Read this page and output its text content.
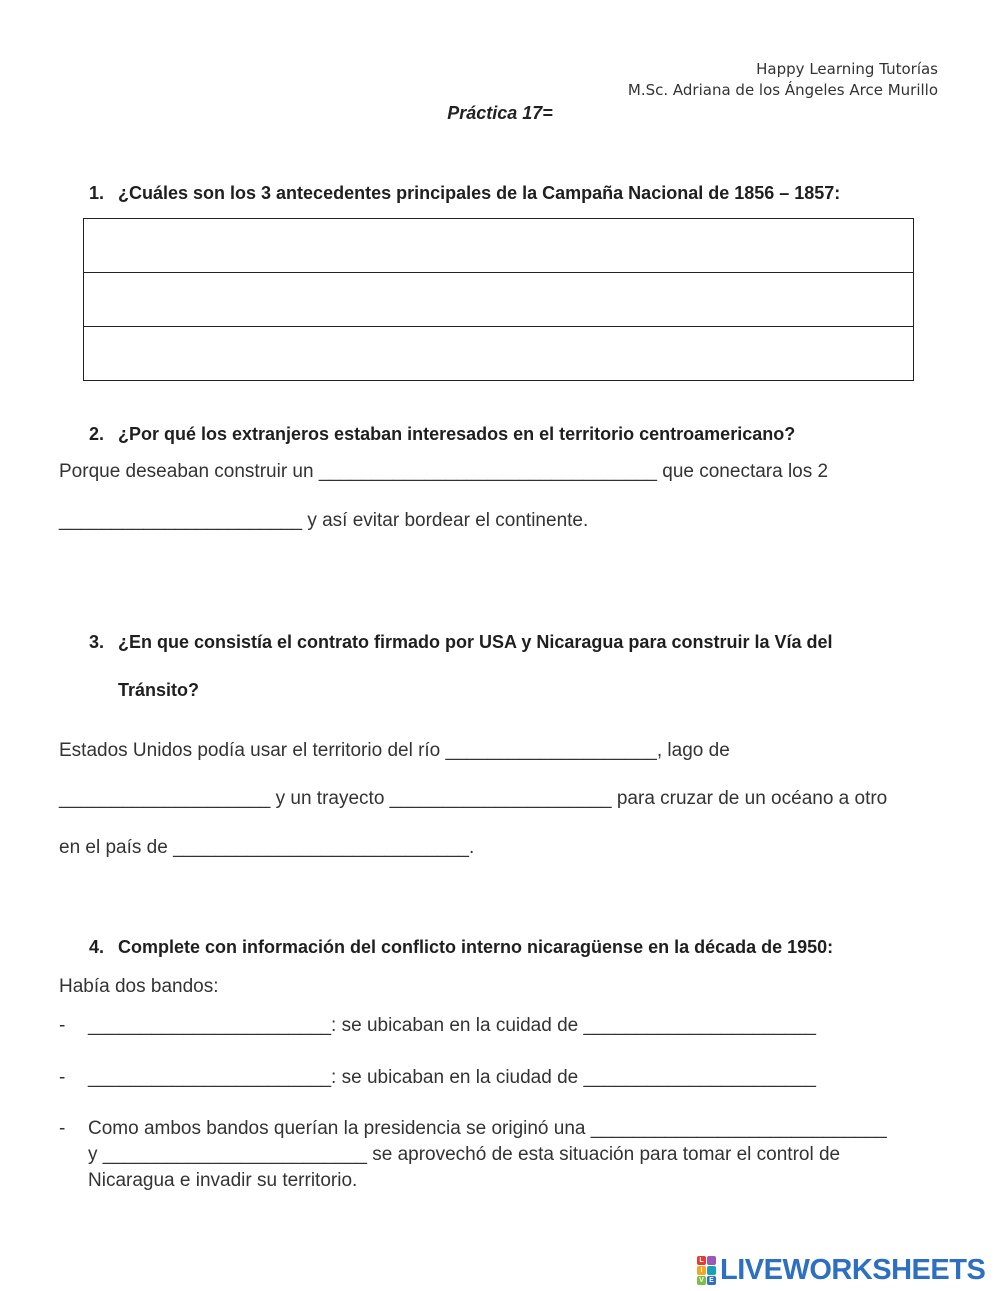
Happy Learning Tutorías
M.Sc. Adriana de los Ángeles Arce Murillo
Práctica 17=
1. ¿Cuáles son los 3 antecedentes principales de la Campaña Nacional de 1856 – 1857:
2. ¿Por qué los extranjeros estaban interesados en el territorio centroamericano?
Porque deseaban construir un ________________________________ que conectara los 2
_______________________ y así evitar bordear el continente.
3. ¿En que consistía el contrato firmado por USA y Nicaragua para construir la Vía del
Tránsito?
Estados Unidos podía usar el territorio del río ____________________, lago de
____________________ y un trayecto _____________________ para cruzar de un océano a otro
en el país de ____________________________.
4. Complete con información del conflicto interno nicaragüense en la década de 1950:
Había dos bandos:
- _______________________: se ubicaban en la cuidad de ______________________
- _______________________: se ubicaban en la ciudad de ______________________
- Como ambos bandos querían la presidencia se originó una ____________________________
y _________________________ se aprovechó de esta situación para tomar el control de
Nicaragua e invadir su territorio.
L
I
V E LIVEWORKSHEETS
